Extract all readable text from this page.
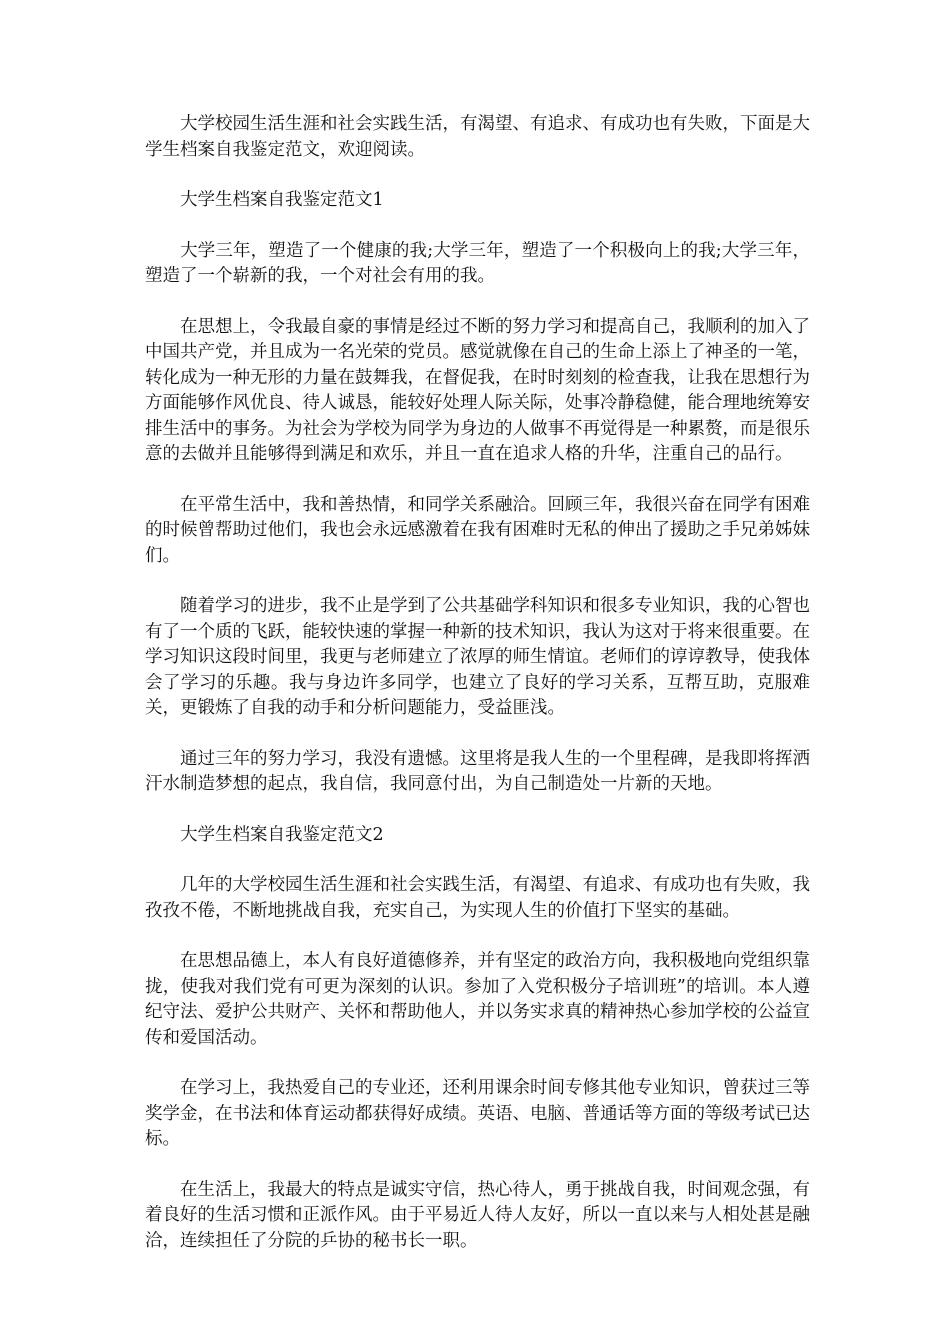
大学校园生活生涯和社会实践生活，有渴望、有追求、有成功也有失败，下面是大学生档案自我鉴定范文，欢迎阅读。

大学生档案自我鉴定范文1

大学三年，塑造了一个健康的我;大学三年，塑造了一个积极向上的我;大学三年，塑造了一个崭新的我，一个对社会有用的我。

在思想上，令我最自豪的事情是经过不断的努力学习和提高自己，我顺利的加入了中国共产党，并且成为一名光荣的党员。感觉就像在自己的生命上添上了神圣的一笔，转化成为一种无形的力量在鼓舞我，在督促我，在时时刻刻的检查我，让我在思想行为方面能够作风优良、待人诚恳，能较好处理人际关际，处事冷静稳健，能合理地统筹安排生活中的事务。为社会为学校为同学为身边的人做事不再觉得是一种累赘，而是很乐意的去做并且能够得到满足和欢乐，并且一直在追求人格的升华，注重自己的品行。

在平常生活中，我和善热情，和同学关系融洽。回顾三年，我很兴奋在同学有困难的时候曾帮助过他们，我也会永远感激着在我有困难时无私的伸出了援助之手兄弟姊妹们。

随着学习的进步，我不止是学到了公共基础学科知识和很多专业知识，我的心智也有了一个质的飞跃，能较快速的掌握一种新的技术知识，我认为这对于将来很重要。在学习知识这段时间里，我更与老师建立了浓厚的师生情谊。老师们的谆谆教导，使我体会了学习的乐趣。我与身边许多同学，也建立了良好的学习关系，互帮互助，克服难关，更锻炼了自我的动手和分析问题能力，受益匪浅。

通过三年的努力学习，我没有遗憾。这里将是我人生的一个里程碑，是我即将挥洒汗水制造梦想的起点，我自信，我同意付出，为自己制造处一片新的天地。

大学生档案自我鉴定范文2

几年的大学校园生活生涯和社会实践生活，有渴望、有追求、有成功也有失败，我孜孜不倦，不断地挑战自我，充实自己，为实现人生的价值打下坚实的基础。

在思想品德上，本人有良好道德修养，并有坚定的政治方向，我积极地向党组织靠拢，使我对我们党有可更为深刻的认识。参加了入党积极分子培训班”的培训。本人遵纪守法、爱护公共财产、关怀和帮助他人，并以务实求真的精神热心参加学校的公益宣传和爱国活动。

在学习上，我热爱自己的专业还，还利用课余时间专修其他专业知识，曾获过三等奖学金，在书法和体育运动都获得好成绩。英语、电脑、普通话等方面的等级考试已达标。

在生活上，我最大的特点是诚实守信，热心待人，勇于挑战自我，时间观念强，有着良好的生活习惯和正派作风。由于平易近人待人友好，所以一直以来与人相处甚是融洽，连续担任了分院的乒协的秘书长一职。
